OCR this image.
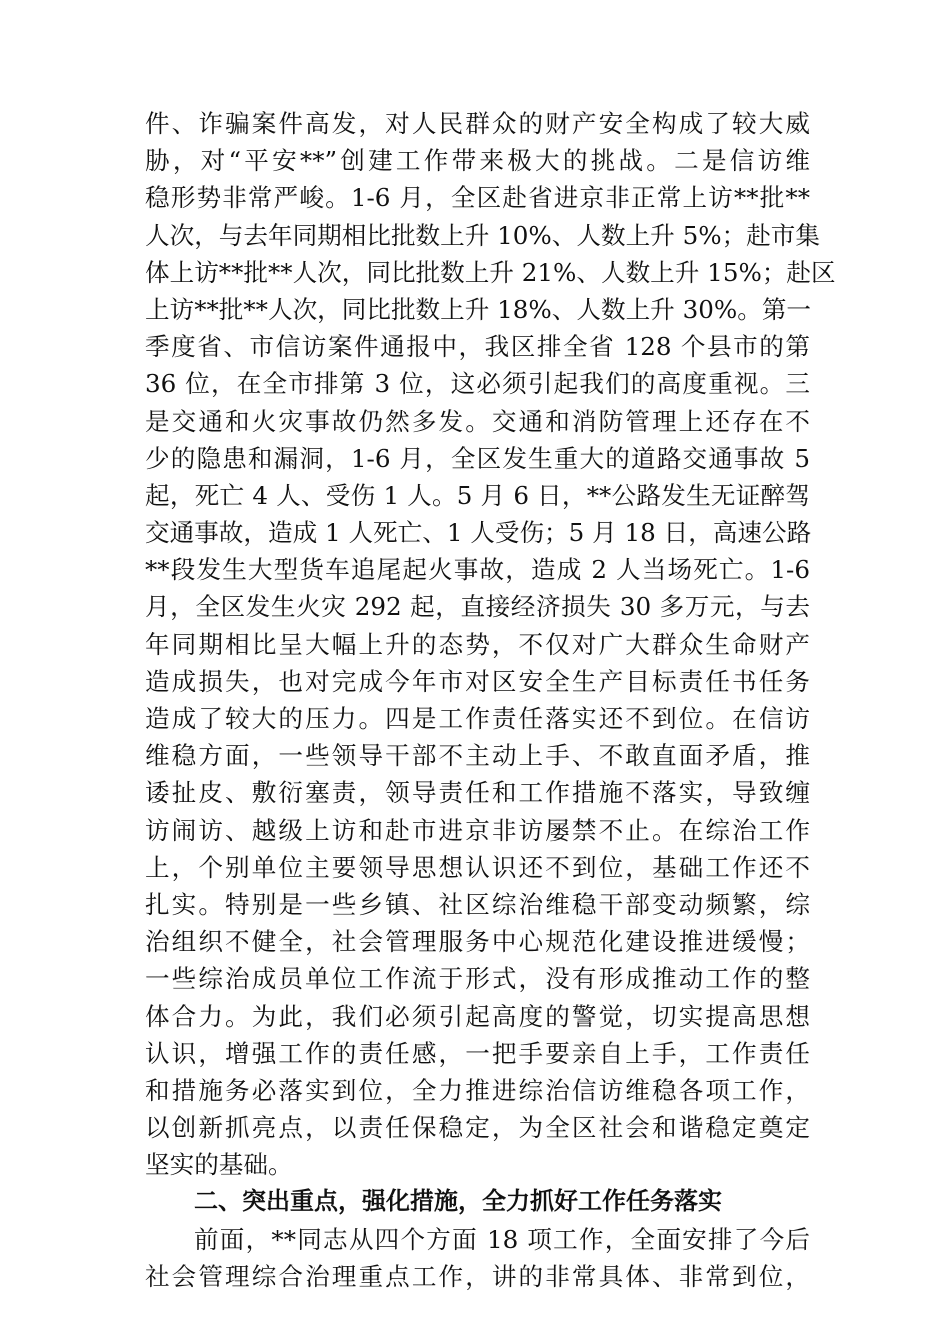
件、诈骗案件高发，对人民群众的财产安全构成了较大威
胁，对“平安**”创建工作带来极大的挑战。二是信访维
稳形势非常严峻。1-6 月，全区赴省进京非正常上访**批**
人次，与去年同期相比批数上升 10%、人数上升 5%；赴市集
体上访**批**人次，同比批数上升 21%、人数上升 15%；赴区
上访**批**人次，同比批数上升 18%、人数上升 30%。第一
季度省、市信访案件通报中，我区排全省 128 个县市的第
36 位，在全市排第 3 位，这必须引起我们的高度重视。三
是交通和火灾事故仍然多发。交通和消防管理上还存在不
少的隐患和漏洞，1-6 月，全区发生重大的道路交通事故 5
起，死亡 4 人、受伤 1 人。5 月 6 日，**公路发生无证醉驾
交通事故，造成 1 人死亡、1 人受伤；5 月 18 日，高速公路
**段发生大型货车追尾起火事故，造成 2 人当场死亡。1-6
月，全区发生火灾 292 起，直接经济损失 30 多万元，与去
年同期相比呈大幅上升的态势，不仅对广大群众生命财产
造成损失，也对完成今年市对区安全生产目标责任书任务
造成了较大的压力。四是工作责任落实还不到位。在信访
维稳方面，一些领导干部不主动上手、不敢直面矛盾，推
诿扯皮、敷衍塞责，领导责任和工作措施不落实，导致缠
访闹访、越级上访和赴市进京非访屡禁不止。在综治工作
上，个别单位主要领导思想认识还不到位，基础工作还不
扎实。特别是一些乡镇、社区综治维稳干部变动频繁，综
治组织不健全，社会管理服务中心规范化建设推进缓慢；
一些综治成员单位工作流于形式，没有形成推动工作的整
体合力。为此，我们必须引起高度的警觉，切实提高思想
认识，增强工作的责任感，一把手要亲自上手，工作责任
和措施务必落实到位，全力推进综治信访维稳各项工作，
以创新抓亮点，以责任保稳定，为全区社会和谐稳定奠定
坚实的基础。
二、突出重点，强化措施，全力抓好工作任务落实
前面，**同志从四个方面 18 项工作，全面安排了今后
社会管理综合治理重点工作，讲的非常具体、非常到位，
